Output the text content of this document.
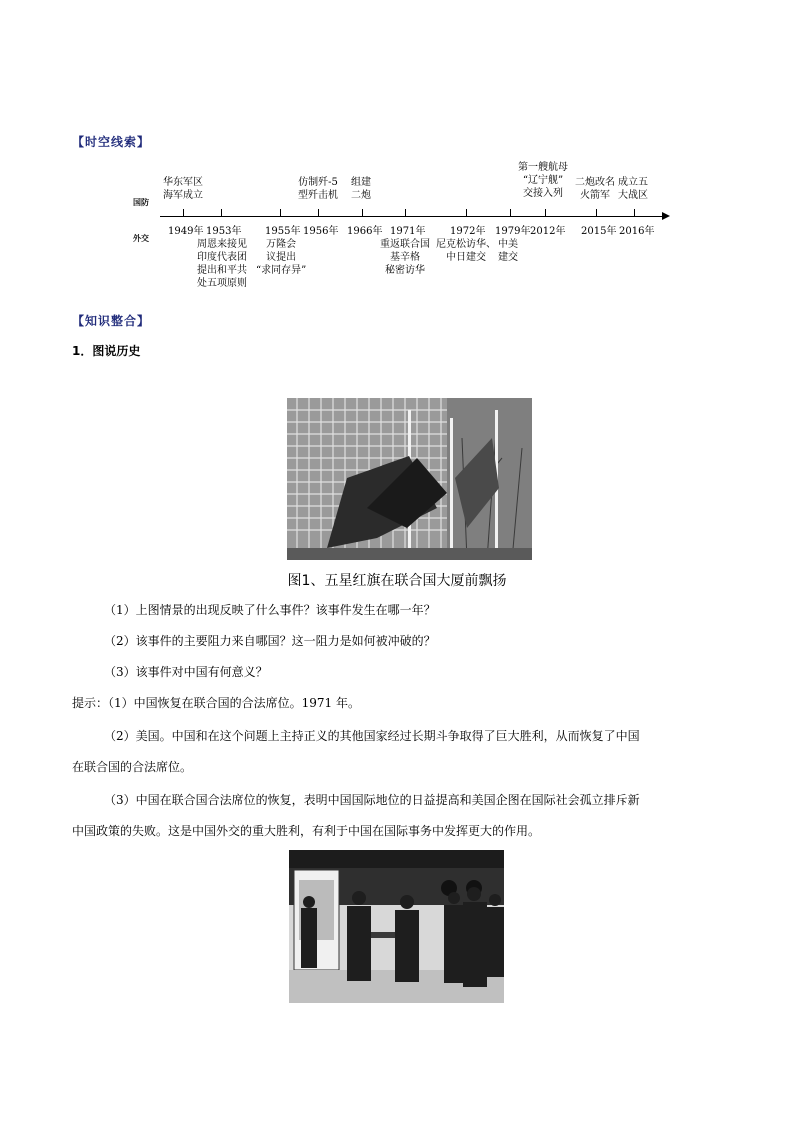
【时空线索】
国防
外交
1949年 1953年 1955年 1956年 1966年 1971年 1972年 1979年 2012年 2015年 2016年
华东军区
海军成立
仿制歼-5
型歼击机
组建
二炮
第一艘航母
“辽宁舰”
交接入列
二炮改名
火箭军
成立五
大战区
周恩来接见
印度代表团
提出和平共
处五项原则
万隆会
议提出
“求同存异”
重返联合国
基辛格
秘密访华
尼克松访华、
中日建交
中美
建交
【知识整合】
1．图说历史
图1、五星红旗在联合国大厦前飘扬
（1）上图情景的出现反映了什么事件？该事件发生在哪一年？
（2）该事件的主要阻力来自哪国？这一阻力是如何被冲破的？
（3）该事件对中国有何意义？
提示：（1）中国恢复在联合国的合法席位。1971 年。
（2）美国。中国和在这个问题上主持正义的其他国家经过长期斗争取得了巨大胜利，从而恢复了中国
在联合国的合法席位。
（3）中国在联合国合法席位的恢复，表明中国国际地位的日益提高和美国企图在国际社会孤立排斥新
中国政策的失败。这是中国外交的重大胜利，有利于中国在国际事务中发挥更大的作用。
